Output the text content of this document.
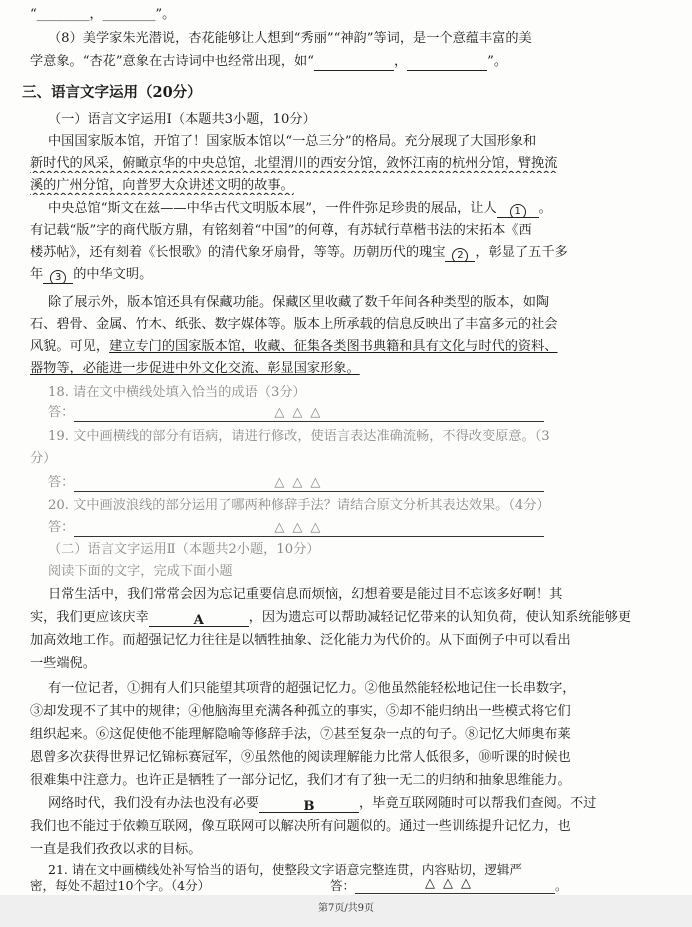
“________，________”。
（8）美学家朱光潜说，杏花能够让人想到“秀丽”“神韵”等词，是一个意蕴丰富的美
学意象。“杏花”意象在古诗词中也经常出现，如“	，	”。
三、语言文字运用（20分）
（一）语言文字运用Ⅰ（本题共3小题，10分）
中国国家版本馆，开馆了！国家版本馆以“一总三分”的格局。充分展现了大国形象和
新时代的风采，俯瞰京华的中央总馆，北望渭川的西安分馆，敛怀江南的杭州分馆，臂挽流
溪的广州分馆，向普罗大众讲述文明的故事。
中央总馆“斯文在兹——中华古代文明版本展”，一件件弥足珍贵的展品，让人 1 。
有记载“版”字的商代版方鼎，有铭刻着“中国”的何尊，有苏轼行草楷书法的宋拓本《西
楼苏帖》，还有刻着《长恨歌》的清代象牙扇骨，等等。历朝历代的瑰宝 2 ，彰显了五千多
年 3 的中华文明。
除了展示外，版本馆还具有保藏功能。保藏区里收藏了数千年间各种类型的版本，如陶
石、碧骨、金属、竹木、纸张、数字媒体等。版本上所承载的信息反映出了丰富多元的社会
风貌。可见，建立专门的国家版本馆，收藏、征集各类图书典籍和具有文化与时代的资料、
器物等，必能进一步促进中外文化交流、彰显国家形象。
18. 请在文中横线处填入恰当的成语（3分）
答：	△△△
19. 文中画横线的部分有语病，请进行修改，使语言表达准确流畅，不得改变原意。（3
分）
答：	△△△
20. 文中画波浪线的部分运用了哪两种修辞手法？请结合原文分析其表达效果。（4分）
答：	△△△
（二）语言文字运用Ⅱ（本题共2小题，10分）
阅读下面的文字，完成下面小题
日常生活中，我们常常会因为忘记重要信息而烦恼，幻想着要是能过目不忘该多好啊！其
实，我们更应该庆幸	A	，因为遗忘可以帮助减轻记忆带来的认知负荷，使认知系统能够更
加高效地工作。而超强记忆力往往是以牺牲抽象、泛化能力为代价的。从下面例子中可以看出
一些端倪。
有一位记者，①拥有人们只能望其项背的超强记忆力。②他虽然能轻松地记住一长串数字，
③却发现不了其中的规律；④他脑海里充满各种孤立的事实，⑤却不能归纳出一些模式将它们
组织起来。⑥这促使他不能理解隐喻等修辞手法，⑦甚至复杂一点的句子。⑧记忆大师奥布莱
恩曾多次获得世界记忆锦标赛冠军，⑨虽然他的阅读理解能力比常人低很多，⑩听课的时候也
很难集中注意力。也许正是牺牲了一部分记忆，我们才有了独一无二的归纳和抽象思维能力。
网络时代，我们没有办法也没有必要	B	，毕竟互联网随时可以帮我们查阅。不过
我们也不能过于依赖互联网，像互联网可以解决所有问题似的。通过一些训练提升记忆力，也
一直是我们孜孜以求的目标。
第7页/共9页
21. 请在文中画横线处补写恰当的语句，使整段文字语意完整连贯，内容贴切，逻辑严
密，每处不超过10个字。（4分）	答：	△△△	。
